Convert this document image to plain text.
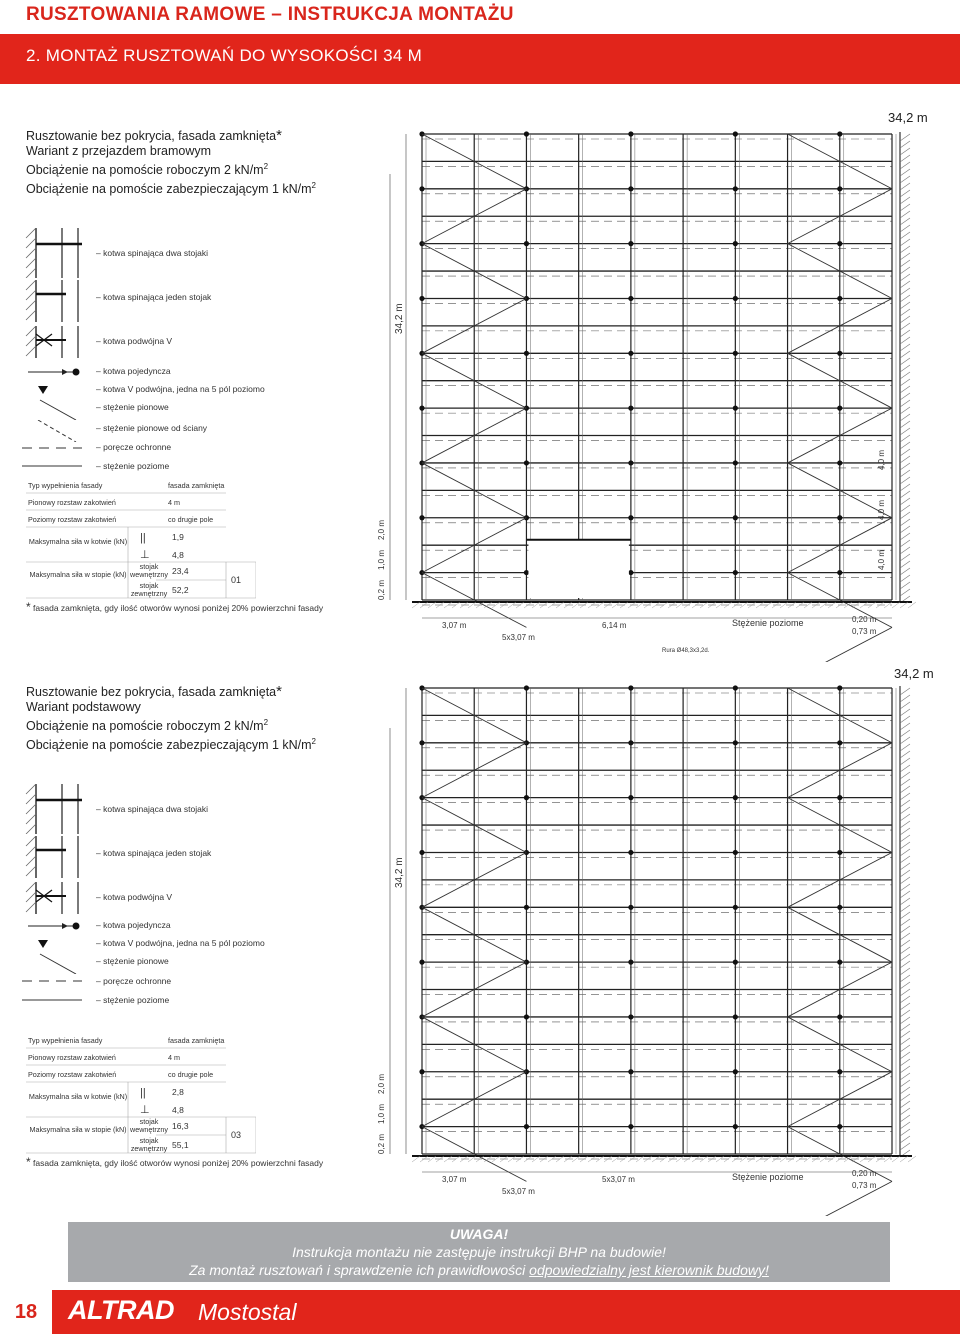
RUSZTOWANIA RAMOWE – INSTRUKCJA MONTAŻU
2. MONTAŻ RUSZTOWAŃ DO WYSOKOŚCI 34 M
Rusztowanie bez pokrycia, fasada zamknięta*
Wariant z przejazdem bramowym
Obciążenie na pomoście roboczym 2 $kN/m^2$
Obciążenie na pomoście zabezpieczającym 1 $kN/m^2$
– kotwa spinająca dwa stojaki
– kotwa spinająca jeden stojak
– kotwa podwójna V
– kotwa pojedyncza
– kotwa V podwójna, jedna na 5 pól poziomo
– stężenie pionowe
– stężenie pionowe od ściany
– poręcze ochronne
– stężenie poziome
Typ wypełnienia fasady	fasada zamknięta
Pionowy rozstaw zakotwień	4 m
Poziomy rozstaw zakotwień	co drugie pole
Maksymalna siła w kotwie (kN) ||	1,9
⊥	4,8
Maksymalna siła w stopie (kN)
stojak wewnętrzny 23,4
stojak zewnętrzny 52,2
01
* fasada zamknięta, gdy ilość otworów wynosi poniżej 20% powierzchni fasady
34,2 m
0,2 m
1,0 m
2,0 m
34,2 m
4,0 m
4,0 m
4,0 m
3,07 m	6,14 m
5x3,07 m
0,20 m
0,73 m
Stężenie poziome
Rura Ø48,3x3,2d.
Rusztowanie bez pokrycia, fasada zamknięta*
Wariant podstawowy
Obciążenie na pomoście roboczym 2 $kN/m^2$
Obciążenie na pomoście zabezpieczającym 1 $kN/m^2$
– kotwa spinająca dwa stojaki
– kotwa spinająca jeden stojak
– kotwa podwójna V
– kotwa pojedyncza
– kotwa V podwójna, jedna na 5 pól poziomo
– stężenie pionowe
– poręcze ochronne
– stężenie poziome
Typ wypełnienia fasady	fasada zamknięta
Pionowy rozstaw zakotwień	4 m
Poziomy rozstaw zakotwień	co drugie pole
Maksymalna siła w kotwie (kN) ||	2,8
⊥	4,8
Maksymalna siła w stopie (kN)
stojak wewnętrzny 16,3
stojak zewnętrzny 55,1
03
* fasada zamknięta, gdy ilość otworów wynosi poniżej 20% powierzchni fasady
34,2 m
0,2 m
1,0 m
2,0 m
34,2 m
3,07 m	5x3,07 m
5x3,07 m
0,20 m
0,73 m
Stężenie poziome
UWAGA!
Instrukcja montażu nie zastępuje instrukcji BHP na budowie!
Za montaż rusztowań i sprawdzenie ich prawidłowości odpowiedzialny jest kierownik budowy!
18	ALTRAD Mostostal
